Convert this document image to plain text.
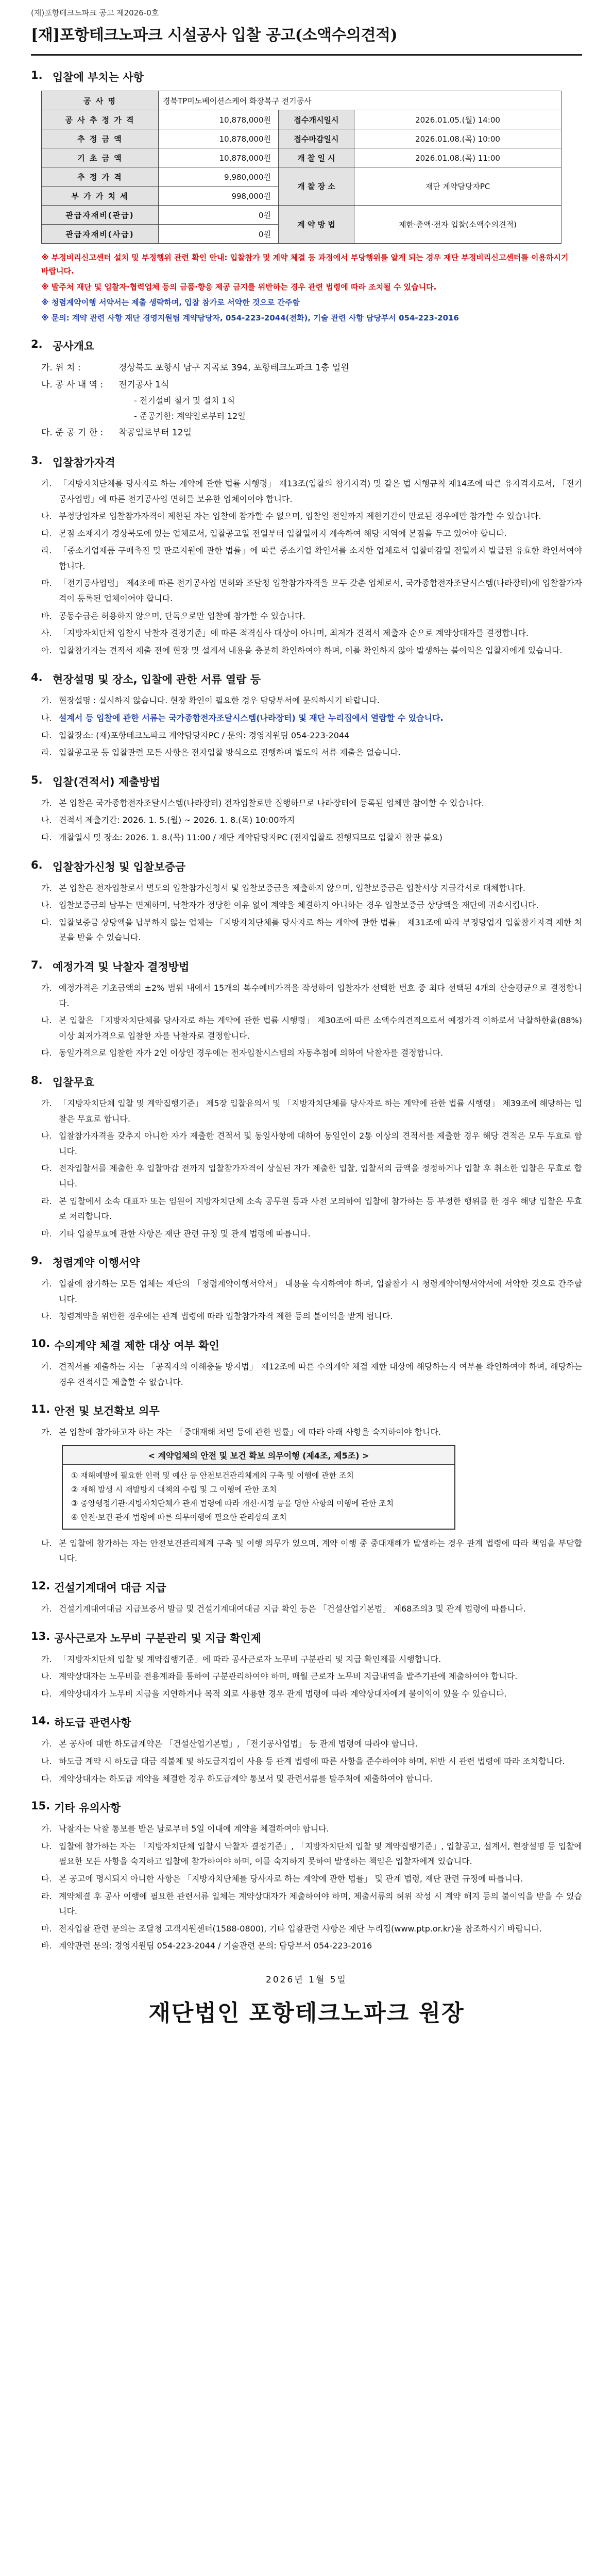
(재)포항테크노파크 공고 제2026-0호
[재]포항테크노파크 시설공사 입찰 공고(소액수의견적)
1. 입찰에 부치는 사항
공 사 명	경북TP미노베이션스케어 화장복구 전기공사		
공 사 추 정 가 격	10,878,000원	접수개시일시	2026.01.05.(월) 14:00
추 정 금 액	10,878,000원	접수마감일시	2026.01.08.(목) 10:00
기 초 금 액	10,878,000원	개 찰 일 시	2026.01.08.(목) 11:00
추 정 가 격	9,980,000원	개 찰 장 소	재단 계약담당자PC
부 가 가 치 세	998,000원		
관급자재비(관급)	0원	계 약 방 법	제한·총액·전자 입찰(소액수의견적)
관급자재비(사급)	0원		

※ 부정비리신고센터 설치 및 부정행위 관련 확인 안내: 입찰참가 및 계약 체결 등 과정에서 부당행위를 알게 되는 경우 재단 부정비리신고센터를 이용하시기 바랍니다.

※ 발주처 재단 및 입찰자·협력업체 등의 금품·향응 제공 금지를 위반하는 경우 관련 법령에 따라 조치될 수 있습니다.

※ 청렴계약이행 서약서는 제출 생략하며, 입찰 참가로 서약한 것으로 간주함

※ 문의: 계약 관련 사항 재단 경영지원팀 계약담당자, 054-223-2044(전화), 기술 관련 사항 담당부서 054-223-2016

2. 공사개요
가. 위 치 :	경상북도 포항시 남구 지곡로 394, 포항테크노파크 1층 일원
나. 공 사 내 역 :	전기공사 1식
- 전기설비 철거 및 설치 1식
- 준공기한: 계약일로부터 12일
다. 준 공 기 한 :	착공일로부터 12일
3. 입찰참가자격
가. 「지방자치단체를 당사자로 하는 계약에 관한 법률 시행령」 제13조(입찰의 참가자격) 및 같은 법 시행규칙 제14조에 따른 유자격자로서, 「전기공사업법」에 따른 전기공사업 면허를 보유한 업체이어야 합니다.
나. 부정당업자로 입찰참가자격이 제한된 자는 입찰에 참가할 수 없으며, 입찰일 전일까지 제한기간이 만료된 경우에만 참가할 수 있습니다.
다. 본점 소재지가 경상북도에 있는 업체로서, 입찰공고일 전일부터 입찰일까지 계속하여 해당 지역에 본점을 두고 있어야 합니다.
라. 「중소기업제품 구매촉진 및 판로지원에 관한 법률」에 따른 중소기업 확인서를 소지한 업체로서 입찰마감일 전일까지 발급된 유효한 확인서여야 합니다.
마. 「전기공사업법」 제4조에 따른 전기공사업 면허와 조달청 입찰참가자격을 모두 갖춘 업체로서, 국가종합전자조달시스템(나라장터)에 입찰참가자격이 등록된 업체이어야 합니다.
바. 공동수급은 허용하지 않으며, 단독으로만 입찰에 참가할 수 있습니다.
사. 「지방자치단체 입찰시 낙찰자 결정기준」에 따른 적격심사 대상이 아니며, 최저가 견적서 제출자 순으로 계약상대자를 결정합니다.
아. 입찰참가자는 견적서 제출 전에 현장 및 설계서 내용을 충분히 확인하여야 하며, 이를 확인하지 않아 발생하는 불이익은 입찰자에게 있습니다.
4. 현장설명 및 장소, 입찰에 관한 서류 열람 등
가. 현장설명 : 실시하지 않습니다. 현장 확인이 필요한 경우 담당부서에 문의하시기 바랍니다.
나. 설계서 등 입찰에 관한 서류는 국가종합전자조달시스템(나라장터) 및 재단 누리집에서 열람할 수 있습니다.
다. 입찰장소: (재)포항테크노파크 계약담당자PC / 문의: 경영지원팀 054-223-2044
라. 입찰공고문 등 입찰관련 모든 사항은 전자입찰 방식으로 진행하며 별도의 서류 제출은 없습니다.
5. 입찰(견적서) 제출방법
가. 본 입찰은 국가종합전자조달시스템(나라장터) 전자입찰로만 집행하므로 나라장터에 등록된 업체만 참여할 수 있습니다.
나. 견적서 제출기간: 2026. 1. 5.(월) ~ 2026. 1. 8.(목) 10:00까지
다. 개찰일시 및 장소: 2026. 1. 8.(목) 11:00 / 재단 계약담당자PC (전자입찰로 진행되므로 입찰자 참관 불요)
6. 입찰참가신청 및 입찰보증금
가. 본 입찰은 전자입찰로서 별도의 입찰참가신청서 및 입찰보증금을 제출하지 않으며, 입찰보증금은 입찰서상 지급각서로 대체합니다.
나. 입찰보증금의 납부는 면제하며, 낙찰자가 정당한 이유 없이 계약을 체결하지 아니하는 경우 입찰보증금 상당액을 재단에 귀속시킵니다.
다. 입찰보증금 상당액을 납부하지 않는 업체는 「지방자치단체를 당사자로 하는 계약에 관한 법률」 제31조에 따라 부정당업자 입찰참가자격 제한 처분을 받을 수 있습니다.
7. 예정가격 및 낙찰자 결정방법
가. 예정가격은 기초금액의 ±2% 범위 내에서 15개의 복수예비가격을 작성하여 입찰자가 선택한 번호 중 최다 선택된 4개의 산술평균으로 결정합니다.
나. 본 입찰은 「지방자치단체를 당사자로 하는 계약에 관한 법률 시행령」 제30조에 따른 소액수의견적으로서 예정가격 이하로서 낙찰하한율(88%) 이상 최저가격으로 입찰한 자를 낙찰자로 결정합니다.
다. 동일가격으로 입찰한 자가 2인 이상인 경우에는 전자입찰시스템의 자동추첨에 의하여 낙찰자를 결정합니다.
8. 입찰무효
가. 「지방자치단체 입찰 및 계약집행기준」 제5장 입찰유의서 및 「지방자치단체를 당사자로 하는 계약에 관한 법률 시행령」 제39조에 해당하는 입찰은 무효로 합니다.
나. 입찰참가자격을 갖추지 아니한 자가 제출한 견적서 및 동일사항에 대하여 동일인이 2통 이상의 견적서를 제출한 경우 해당 견적은 모두 무효로 합니다.
다. 전자입찰서를 제출한 후 입찰마감 전까지 입찰참가자격이 상실된 자가 제출한 입찰, 입찰서의 금액을 정정하거나 입찰 후 취소한 입찰은 무효로 합니다.
라. 본 입찰에서 소속 대표자 또는 임원이 지방자치단체 소속 공무원 등과 사전 모의하여 입찰에 참가하는 등 부정한 행위를 한 경우 해당 입찰은 무효로 처리합니다.
마. 기타 입찰무효에 관한 사항은 재단 관련 규정 및 관계 법령에 따릅니다.
9. 청렴계약 이행서약
가. 입찰에 참가하는 모든 업체는 재단의 「청렴계약이행서약서」 내용을 숙지하여야 하며, 입찰참가 시 청렴계약이행서약서에 서약한 것으로 간주합니다.
나. 청렴계약을 위반한 경우에는 관계 법령에 따라 입찰참가자격 제한 등의 불이익을 받게 됩니다.
10. 수의계약 체결 제한 대상 여부 확인
가. 견적서를 제출하는 자는 「공직자의 이해충돌 방지법」 제12조에 따른 수의계약 체결 제한 대상에 해당하는지 여부를 확인하여야 하며, 해당하는 경우 견적서를 제출할 수 없습니다.
11. 안전 및 보건확보 의무
가. 본 입찰에 참가하고자 하는 자는 「중대재해 처벌 등에 관한 법률」에 따라 아래 사항을 숙지하여야 합니다.
< 계약업체의 안전 및 보건 확보 의무이행 (제4조, 제5조) >
① 재해예방에 필요한 인력 및 예산 등 안전보건관리체계의 구축 및 이행에 관한 조치
② 재해 발생 시 재발방지 대책의 수립 및 그 이행에 관한 조치
③ 중앙행정기관·지방자치단체가 관계 법령에 따라 개선·시정 등을 명한 사항의 이행에 관한 조치
④ 안전·보건 관계 법령에 따른 의무이행에 필요한 관리상의 조치
나. 본 입찰에 참가하는 자는 안전보건관리체계 구축 및 이행 의무가 있으며, 계약 이행 중 중대재해가 발생하는 경우 관계 법령에 따라 책임을 부담합니다.
12. 건설기계대여 대금 지급
가. 건설기계대여대금 지급보증서 발급 및 건설기계대여대금 지급 확인 등은 「건설산업기본법」 제68조의3 및 관계 법령에 따릅니다.
13. 공사근로자 노무비 구분관리 및 지급 확인제
가. 「지방자치단체 입찰 및 계약집행기준」에 따라 공사근로자 노무비 구분관리 및 지급 확인제를 시행합니다.
나. 계약상대자는 노무비를 전용계좌를 통하여 구분관리하여야 하며, 매월 근로자 노무비 지급내역을 발주기관에 제출하여야 합니다.
다. 계약상대자가 노무비 지급을 지연하거나 목적 외로 사용한 경우 관계 법령에 따라 계약상대자에게 불이익이 있을 수 있습니다.
14. 하도급 관련사항
가. 본 공사에 대한 하도급계약은 「건설산업기본법」, 「전기공사업법」 등 관계 법령에 따라야 합니다.
나. 하도급 계약 시 하도급 대금 직불제 및 하도급지킴이 사용 등 관계 법령에 따른 사항을 준수하여야 하며, 위반 시 관련 법령에 따라 조치합니다.
다. 계약상대자는 하도급 계약을 체결한 경우 하도급계약 통보서 및 관련서류를 발주처에 제출하여야 합니다.
15. 기타 유의사항
가. 낙찰자는 낙찰 통보를 받은 날로부터 5일 이내에 계약을 체결하여야 합니다.
나. 입찰에 참가하는 자는 「지방자치단체 입찰시 낙찰자 결정기준」, 「지방자치단체 입찰 및 계약집행기준」, 입찰공고, 설계서, 현장설명 등 입찰에 필요한 모든 사항을 숙지하고 입찰에 참가하여야 하며, 이를 숙지하지 못하여 발생하는 책임은 입찰자에게 있습니다.
다. 본 공고에 명시되지 아니한 사항은 「지방자치단체를 당사자로 하는 계약에 관한 법률」 및 관계 법령, 재단 관련 규정에 따릅니다.
라. 계약체결 후 공사 이행에 필요한 관련서류 일체는 계약상대자가 제출하여야 하며, 제출서류의 허위 작성 시 계약 해지 등의 불이익을 받을 수 있습니다.
마. 전자입찰 관련 문의는 조달청 고객지원센터(1588-0800), 기타 입찰관련 사항은 재단 누리집(www.ptp.or.kr)을 참조하시기 바랍니다.
바. 계약관련 문의: 경영지원팀 054-223-2044 / 기술관련 문의: 담당부서 054-223-2016
2026년 1월 5일
재단법인 포항테크노파크 원장
